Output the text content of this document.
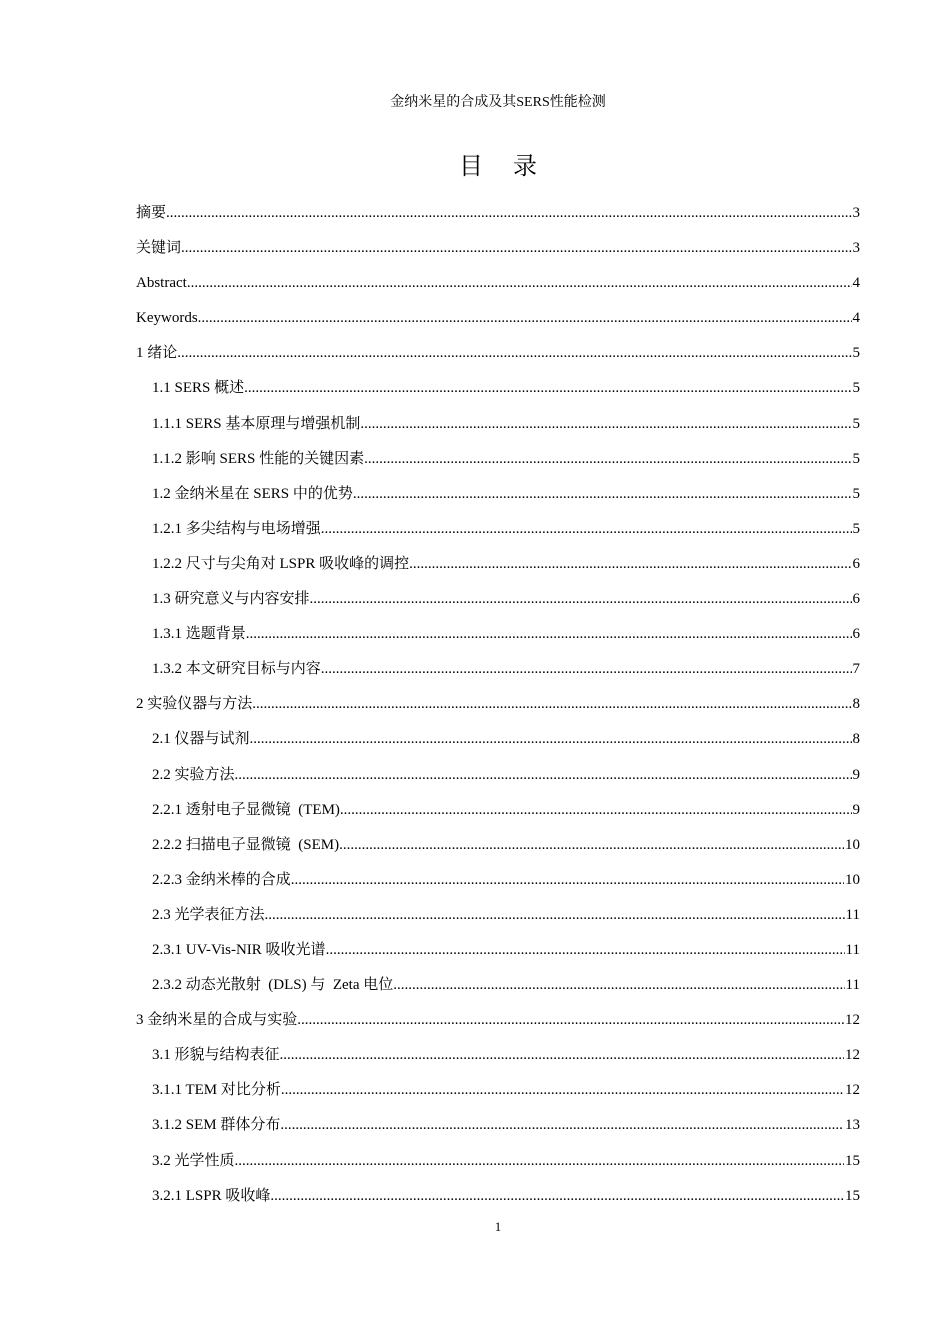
金纳米星的合成及其SERS性能检测
目录
摘要 .....	3
关键词 .....	3
Abstract .....	4
Keywords .....	4
1 绪论 .....	5
1.1 SERS 概述 .....	5
1.1.1 SERS 基本原理与增强机制 .....	5
1.1.2 影响 SERS 性能的关键因素 .....	5
1.2 金纳米星在 SERS 中的优势 .....	5
1.2.1 多尖结构与电场增强 .....	5
1.2.2 尺寸与尖角对 LSPR 吸收峰的调控 .....	6
1.3 研究意义与内容安排 .....	6
1.3.1 选题背景 .....	6
1.3.2 本文研究目标与内容 .....	7
2 实验仪器与方法 .....	8
2.1 仪器与试剂 .....	8
2.2 实验方法 .....	9
2.2.1 透射电子显微镜  (TEM) .....	9
2.2.2 扫描电子显微镜  (SEM) .....	10
2.2.3 金纳米棒的合成 .....	10
2.3 光学表征方法 .....	11
2.3.1 UV-Vis-NIR 吸收光谱 .....	11
2.3.2 动态光散射  (DLS) 与  Zeta 电位 .....	11
3 金纳米星的合成与实验 .....	12
3.1 形貌与结构表征 .....	12
3.1.1 TEM 对比分析 .....	12
3.1.2 SEM 群体分布 .....	13
3.2 光学性质 .....	15
3.2.1 LSPR 吸收峰 .....	15
1
